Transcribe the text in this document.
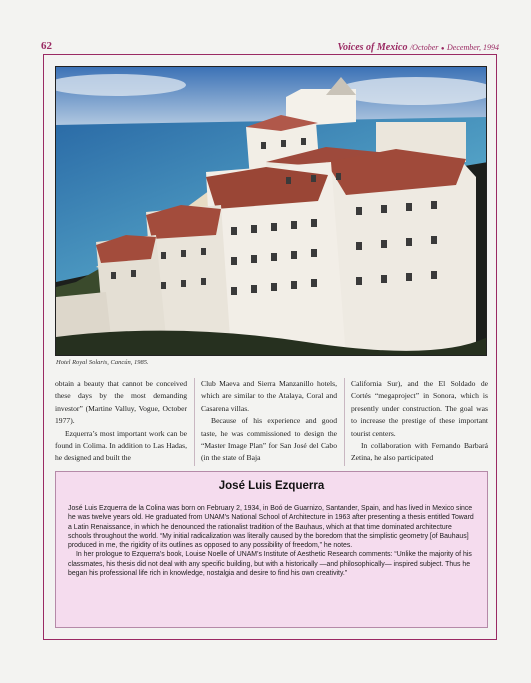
62	Voices of Mexico /October ● December, 1994
Hotel Royal Solaris, Cancún, 1985.

obtain a beauty that cannot be conceived these days by the most demanding investor” (Martine Valluy, Vogue, October 1977).

Ezquerra’s most important work can be found in Colima. In addition to Las Hadas, he designed and built the

Club Maeva and Sierra Manzanillo hotels, which are similar to the Atalaya, Coral and Casarena villas.

Because of his experience and good taste, he was commissioned to design the “Master Image Plan” for San José del Cabo (in the state of Baja

California Sur), and the El Soldado de Cortés “megaproject” in Sonora, which is presently under construction. The goal was to increase the prestige of these important tourist centers.

In collaboration with Fernando Barbará Zetina, he also participated

José Luis Ezquerra

José Luis Ezquerra de la Colina was born on February 2, 1934, in Boó de Guarnizo, Santander, Spain, and has lived in Mexico since he was twelve years old. He graduated from UNAM’s National School of Architecture in 1963 after presenting a thesis entitled Toward a Latin Renaissance, in which he denounced the rationalist tradition of the Bauhaus, which at that time dominated architecture schools throughout the world. “My initial radicalization was literally caused by the boredom that the simplistic geometry [of Bauhaus] produced in me, the rigidity of its outlines as opposed to any possibility of freedom,” he notes.

In her prologue to Ezquerra’s book, Louise Noelle of UNAM’s Institute of Aesthetic Research comments: “Unlike the majority of his classmates, his thesis did not deal with any specific building, but with a historically —and philosophically— inspired subject. Thus he began his professional life rich in knowledge, nostalgia and desire to find his own creativity.”
